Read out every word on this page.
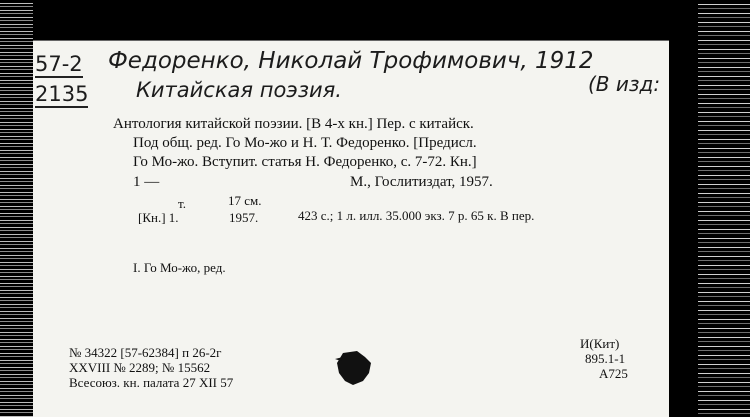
57-2
2135
Федоренко, Николай Трофимович, 1912
Китайская поэзия.	(В изд:
Антология китайской поэзии. [В 4-х кн.] Пер. с китайск.
Под общ. ред. Го Мо-жо и Н. Т. Федоренко. [Предисл.
Го Мо-жо. Вступит. статья Н. Федоренко, с. 7-72. Кн.]
1 —	М., Гослитиздат, 1957.
т.	17 см.
[Кн.] 1.	1957.	423 с.; 1 л. илл. 35.000 экз. 7 р. 65 к. В пер.
I. Го Мо-жо, ред.
№ 34322 [57-62384] п 26-2г
XXVIII № 2289; № 15562
Всесоюз. кн. палата 27 XII 57
И(Кит)
895.1-1
А725
